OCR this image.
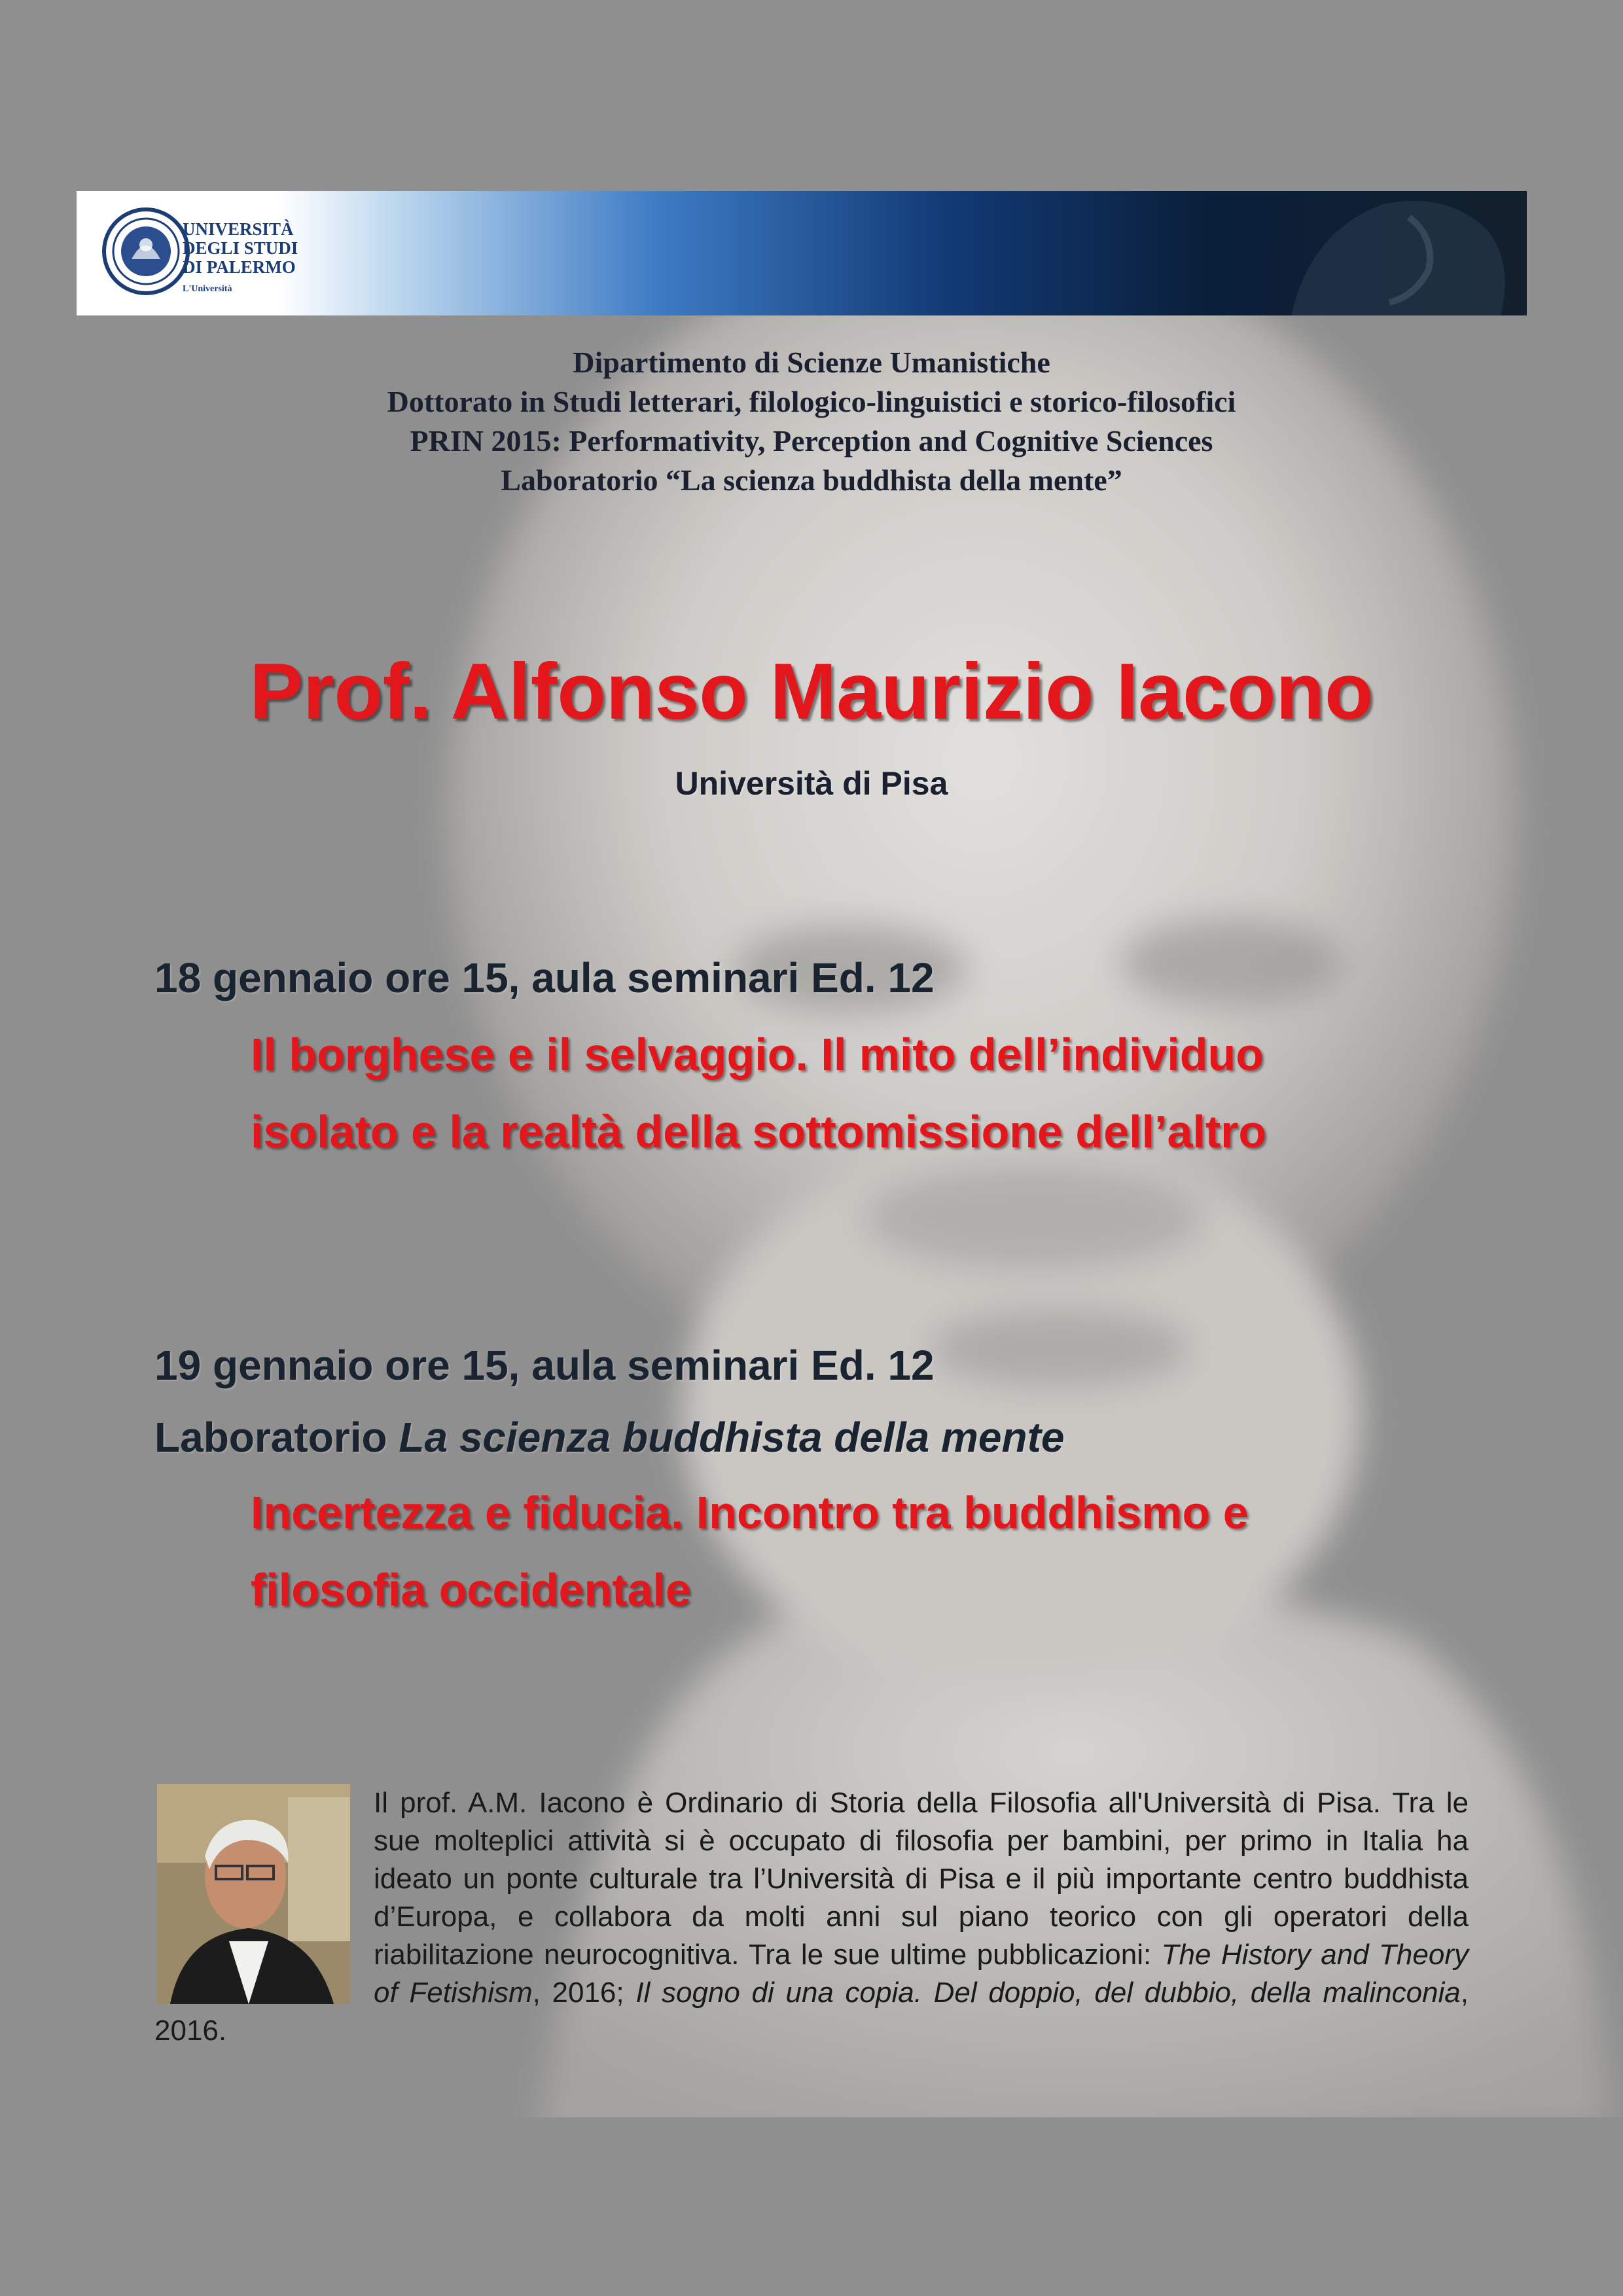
UNIVERSITÀ
DEGLI STUDI
DI PALERMO
L'Università
Dipartimento di Scienze Umanistiche
Dottorato in Studi letterari, filologico-linguistici e storico-filosofici
PRIN 2015: Performativity, Perception and Cognitive Sciences
Laboratorio “La scienza buddhista della mente”
Prof. Alfonso Maurizio Iacono
Università di Pisa
18 gennaio ore 15, aula seminari Ed. 12
Il borghese e il selvaggio. Il mito dell’individuo
isolato e la realtà della sottomissione dell’altro
19 gennaio ore 15, aula seminari Ed. 12
Laboratorio La scienza buddhista della mente
Incertezza e fiducia. Incontro tra buddhismo e
filosofia occidentale
Il prof. A.M. Iacono è Ordinario di Storia della Filosofia all'Università di Pisa. Tra le sue molteplici attività si è occupato di filosofia per bambini, per primo in Italia ha ideato un ponte culturale tra l’Università di Pisa e il più importante centro buddhista d’Europa, e collabora da molti anni sul piano teorico con gli operatori della riabilitazione neurocognitiva. Tra le sue ultime pubblicazioni: The History and Theory of Fetishism, 2016; Il sogno di una copia. Del doppio, del dubbio, della malinconia, 2016.
